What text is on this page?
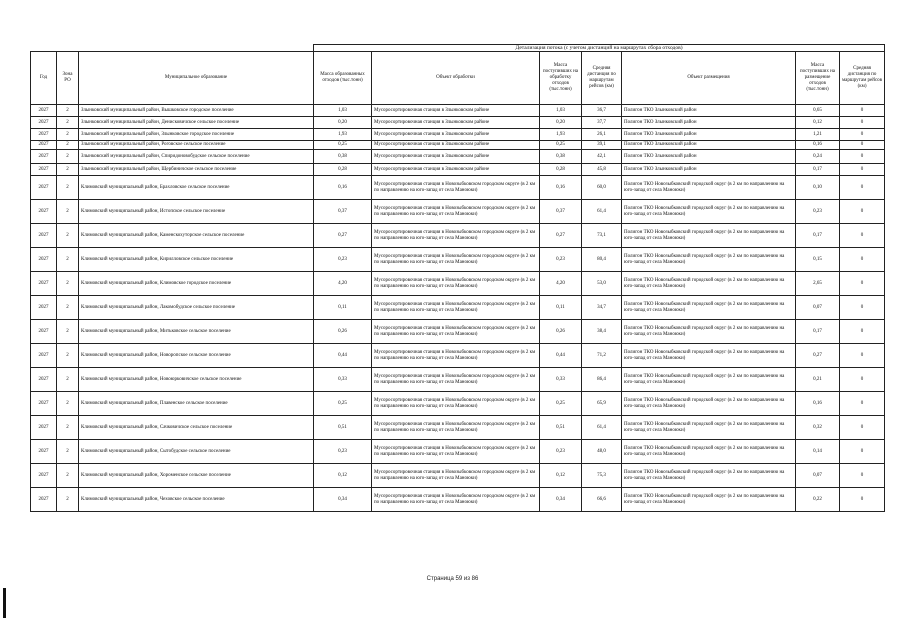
			Детализация потока (с учетом дистанций на маршрутах сбора отходов)						
Год	Зона РО	Муниципальное образование	Масса образованных отходов (тыс.тонн)	Объект обработки	Масса поступивших на обработку отходов (тыс.тонн)	Средняя дистанция по маршрутам рейсов (км)	Объект размещения	Масса поступивших на размещение отходов (тыс.тонн)	Средняя дистанция по маршрутам рейсов (км)
2027	2	Злынковский муниципальный район, Вышковское городское поселение	1,03	Мусоросортировочная станция в Злынковском районе	1,03	36,7	Полигон ТКО Злынковский район	0,65	0
2027	2	Злынковский муниципальный район, Денисковичское сельское поселение	0,20	Мусоросортировочная станция в Злынковском районе	0,20	37,7	Полигон ТКО Злынковский район	0,12	0
2027	2	Злынковский муниципальный район, Злынковское городское поселение	1,93	Мусоросортировочная станция в Злынковском районе	1,93	26,1	Полигон ТКО Злынковский район	1,21	0
2027	2	Злынковский муниципальный район, Роговское сельское поселение	0,25	Мусоросортировочная станция в Злынковском районе	0,25	39,1	Полигон ТКО Злынковский район	0,16	0
2027	2	Злынковский муниципальный район, Спиридоновобудское сельское поселение	0,38	Мусоросортировочная станция в Злынковском районе	0,38	42,1	Полигон ТКО Злынковский район	0,24	0
2027	2	Злынковский муниципальный район, Щербиничское сельское поселение	0,28	Мусоросортировочная станция в Злынковском районе	0,28	45,8	Полигон ТКО Злынковский район	0,17	0
2027	2	Климовский муниципальный район, Брахловское сельское поселение	0,16	Мусоросортировочная станция в Новозыбковском городском округе (в 2 км по направлению на юго-запад от села Маноюки)	0,16	60,0	Полигон ТКО Новозыбковский городской округ (в 2 км по направлению на юго-запад от села Маноюки)	0,10	0
2027	2	Климовский муниципальный район, Истопское сельское поселение	0,37	Мусоросортировочная станция в Новозыбковском городском округе (в 2 км по направлению на юго-запад от села Маноюки)	0,37	61,4	Полигон ТКО Новозыбковский городской округ (в 2 км по направлению на юго-запад от села Маноюки)	0,23	0
2027	2	Климовский муниципальный район, Каменскохуторское сельское поселение	0,27	Мусоросортировочная станция в Новозыбковском городском округе (в 2 км по направлению на юго-запад от села Маноюки)	0,27	73,1	Полигон ТКО Новозыбковский городской округ (в 2 км по направлению на юго-запад от села Маноюки)	0,17	0
2027	2	Климовский муниципальный район, Кирилловское сельское поселение	0,23	Мусоросортировочная станция в Новозыбковском городском округе (в 2 км по направлению на юго-запад от села Маноюки)	0,23	80,4	Полигон ТКО Новозыбковский городской округ (в 2 км по направлению на юго-запад от села Маноюки)	0,15	0
2027	2	Климовский муниципальный район, Климовское городское поселение	4,20	Мусоросортировочная станция в Новозыбковском городском округе (в 2 км по направлению на юго-запад от села Маноюки)	4,20	53,0	Полигон ТКО Новозыбковский городской округ (в 2 км по направлению на юго-запад от села Маноюки)	2,65	0
2027	2	Климовский муниципальный район, Лакомобудское сельское поселение	0,11	Мусоросортировочная станция в Новозыбковском городском округе (в 2 км по направлению на юго-запад от села Маноюки)	0,11	34,7	Полигон ТКО Новозыбковский городской округ (в 2 км по направлению на юго-запад от села Маноюки)	0,07	0
2027	2	Климовский муниципальный район, Митьковское сельское поселение	0,26	Мусоросортировочная станция в Новозыбковском городском округе (в 2 км по направлению на юго-запад от села Маноюки)	0,26	38,4	Полигон ТКО Новозыбковский городской округ (в 2 км по направлению на юго-запад от села Маноюки)	0,17	0
2027	2	Климовский муниципальный район, Новоропское сельское поселение	0,44	Мусоросортировочная станция в Новозыбковском городском округе (в 2 км по направлению на юго-запад от села Маноюки)	0,44	71,2	Полигон ТКО Новозыбковский городской округ (в 2 км по направлению на юго-запад от села Маноюки)	0,27	0
2027	2	Климовский муниципальный район, Новоюрковичское сельское поселение	0,33	Мусоросортировочная станция в Новозыбковском городском округе (в 2 км по направлению на юго-запад от села Маноюки)	0,33	86,4	Полигон ТКО Новозыбковский городской округ (в 2 км по направлению на юго-запад от села Маноюки)	0,21	0
2027	2	Климовский муниципальный район, Плавенское сельское поселение	0,25	Мусоросортировочная станция в Новозыбковском городском округе (в 2 км по направлению на юго-запад от села Маноюки)	0,25	65,9	Полигон ТКО Новозыбковский городской округ (в 2 км по направлению на юго-запад от села Маноюки)	0,16	0
2027	2	Климовский муниципальный район, Сачковичское сельское поселение	0,51	Мусоросортировочная станция в Новозыбковском городском округе (в 2 км по направлению на юго-запад от села Маноюки)	0,51	61,4	Полигон ТКО Новозыбковский городской округ (в 2 км по направлению на юго-запад от села Маноюки)	0,32	0
2027	2	Климовский муниципальный район, Сытобудское сельское поселение	0,23	Мусоросортировочная станция в Новозыбковском городском округе (в 2 км по направлению на юго-запад от села Маноюки)	0,23	48,0	Полигон ТКО Новозыбковский городской округ (в 2 км по направлению на юго-запад от села Маноюки)	0,14	0
2027	2	Климовский муниципальный район, Хороменское сельское поселение	0,12	Мусоросортировочная станция в Новозыбковском городском округе (в 2 км по направлению на юго-запад от села Маноюки)	0,12	75,3	Полигон ТКО Новозыбковский городской округ (в 2 км по направлению на юго-запад от села Маноюки)	0,07	0
2027	2	Климовский муниципальный район, Чеховское сельское поселение	0,34	Мусоросортировочная станция в Новозыбковском городском округе (в 2 км по направлению на юго-запад от села Маноюки)	0,34	66,6	Полигон ТКО Новозыбковский городской округ (в 2 км по направлению на юго-запад от села Маноюки)	0,22	0
Страница 59 из 86
